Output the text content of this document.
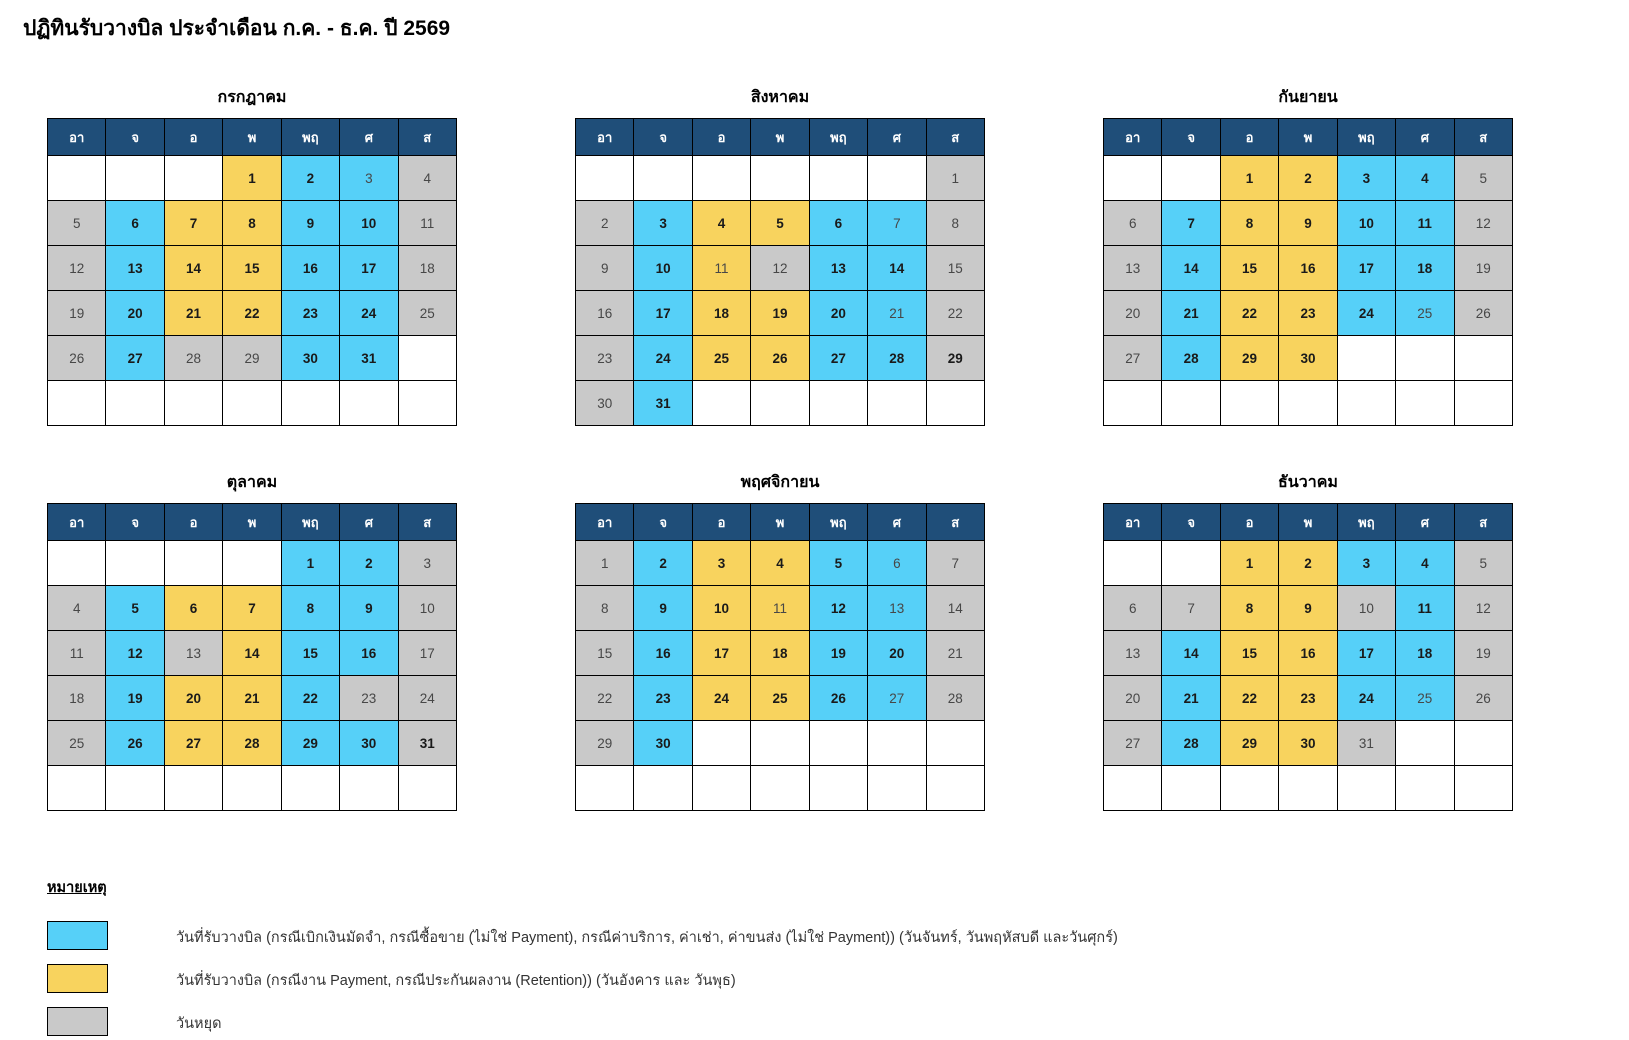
ปฏิทินรับวางบิล ประจำเดือน ก.ค. - ธ.ค. ปี 2569
กรกฎาคม
อา	จ	อ	พ	พฤ	ศ	ส
			1	2	3	4
5	6	7	8	9	10	11
12	13	14	15	16	17	18
19	20	21	22	23	24	25
26	27	28	29	30	31	

สิงหาคม
อา	จ	อ	พ	พฤ	ศ	ส
						1
2	3	4	5	6	7	8
9	10	11	12	13	14	15
16	17	18	19	20	21	22
23	24	25	26	27	28	29
30	31					
กันยายน
อา	จ	อ	พ	พฤ	ศ	ส
		1	2	3	4	5
6	7	8	9	10	11	12
13	14	15	16	17	18	19
20	21	22	23	24	25	26
27	28	29	30			

ตุลาคม
อา	จ	อ	พ	พฤ	ศ	ส
				1	2	3
4	5	6	7	8	9	10
11	12	13	14	15	16	17
18	19	20	21	22	23	24
25	26	27	28	29	30	31

พฤศจิกายน
อา	จ	อ	พ	พฤ	ศ	ส
1	2	3	4	5	6	7
8	9	10	11	12	13	14
15	16	17	18	19	20	21
22	23	24	25	26	27	28
29	30					

ธันวาคม
อา	จ	อ	พ	พฤ	ศ	ส
		1	2	3	4	5
6	7	8	9	10	11	12
13	14	15	16	17	18	19
20	21	22	23	24	25	26
27	28	29	30	31		

หมายเหตุ
วันที่รับวางบิล (กรณีเบิกเงินมัดจำ, กรณีซื้อขาย (ไม่ใช่ Payment), กรณีค่าบริการ, ค่าเช่า, ค่าขนส่ง (ไม่ใช่ Payment)) (วันจันทร์, วันพฤหัสบดี และวันศุกร์)
วันที่รับวางบิล (กรณีงาน Payment, กรณีประกันผลงาน (Retention)) (วันอังคาร และ วันพุธ)
วันหยุด
